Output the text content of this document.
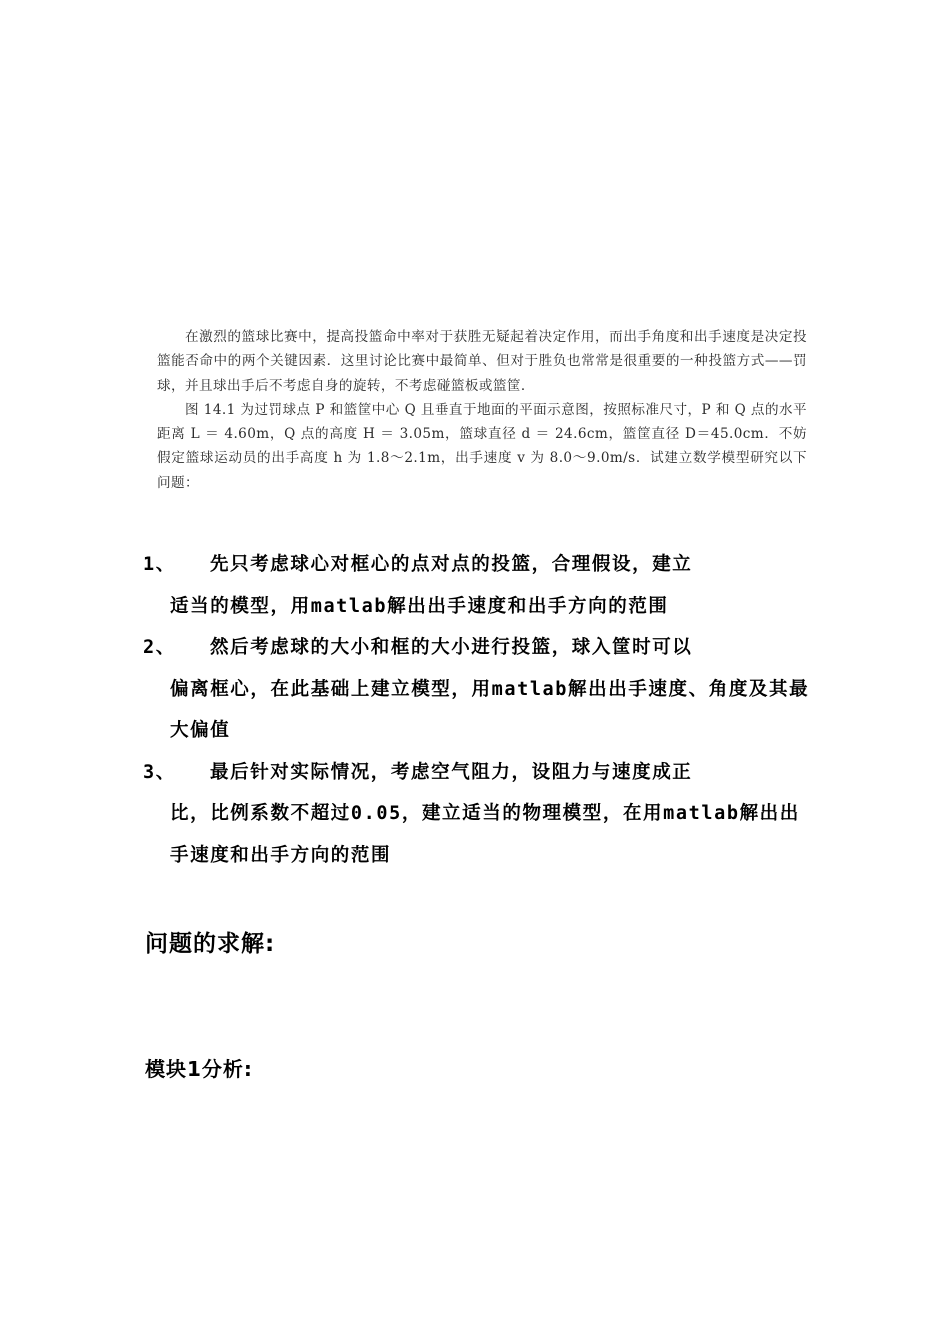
在激烈的篮球比赛中，提高投篮命中率对于获胜无疑起着决定作用，而出手角度和出手速度是决定投篮能否命中的两个关键因素．这里讨论比赛中最简单、但对于胜负也常常是很重要的一种投篮方式——罚球，并且球出手后不考虑自身的旋转，不考虑碰篮板或篮筐．

图 14.1 为过罚球点 P 和篮筐中心 Q 且垂直于地面的平面示意图，按照标准尺寸，P 和 Q 点的水平距离 L ＝ 4.60m，Q 点的高度 H ＝ 3.05m，篮球直径 d ＝ 24.6cm，篮筐直径 D＝45.0cm．不妨假定篮球运动员的出手高度 h 为 1.8～2.1m，出手速度 v 为 8.0～9.0m/s．试建立数学模型研究以下问题：

1、	先只考虑球心对框心的点对点的投篮，合理假设，建立
适当的模型，用matlab解出出手速度和出手方向的范围
2、	然后考虑球的大小和框的大小进行投篮，球入筐时可以
偏离框心，在此基础上建立模型，用matlab解出出手速度、角度及其最大偏值
3、	最后针对实际情况，考虑空气阻力，设阻力与速度成正
比，比例系数不超过0.05，建立适当的物理模型，在用matlab解出出手速度和出手方向的范围
问题的求解:
模块1分析:
